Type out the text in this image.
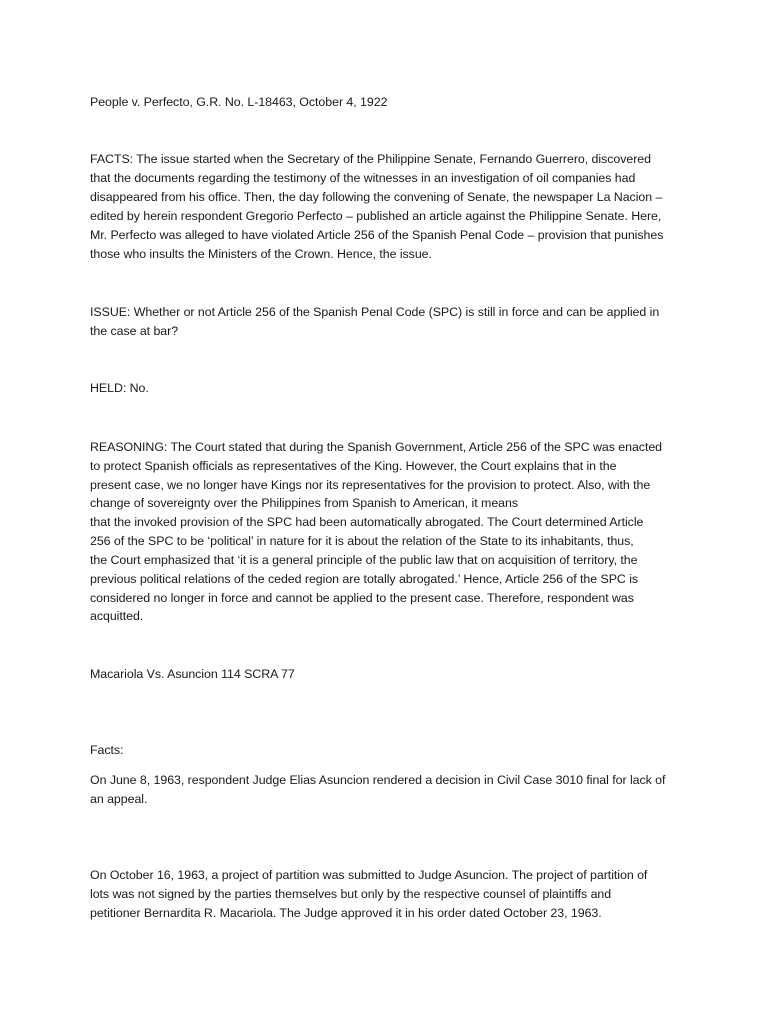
People v. Perfecto, G.R. No. L-18463, October 4, 1922

FACTS: The issue started when the Secretary of the Philippine Senate, Fernando Guerrero, discovered

that the documents regarding the testimony of the witnesses in an investigation of oil companies had

disappeared from his office. Then, the day following the convening of Senate, the newspaper La Nacion –

edited by herein respondent Gregorio Perfecto – published an article against the Philippine Senate. Here,

Mr. Perfecto was alleged to have violated Article 256 of the Spanish Penal Code – provision that punishes

those who insults the Ministers of the Crown. Hence, the issue.

ISSUE: Whether or not Article 256 of the Spanish Penal Code (SPC) is still in force and can be applied in

the case at bar?

HELD: No.

REASONING: The Court stated that during the Spanish Government, Article 256 of the SPC was enacted

to protect Spanish officials as representatives of the King. However, the Court explains that in the

present case, we no longer have Kings nor its representatives for the provision to protect. Also, with the

change of sovereignty over the Philippines from Spanish to American, it means

that the invoked provision of the SPC had been automatically abrogated. The Court determined Article

256 of the SPC to be ‘political’ in nature for it is about the relation of the State to its inhabitants, thus,

the Court emphasized that ‘it is a general principle of the public law that on acquisition of territory, the

previous political relations of the ceded region are totally abrogated.’ Hence, Article 256 of the SPC is

considered no longer in force and cannot be applied to the present case. Therefore, respondent was

acquitted.

Macariola Vs. Asuncion 114 SCRA 77

Facts:

On June 8, 1963, respondent Judge Elias Asuncion rendered a decision in Civil Case 3010 final for lack of

an appeal.

On October 16, 1963, a project of partition was submitted to Judge Asuncion. The project of partition of

lots was not signed by the parties themselves but only by the respective counsel of plaintiffs and

petitioner Bernardita R. Macariola. The Judge approved it in his order dated October 23, 1963.
